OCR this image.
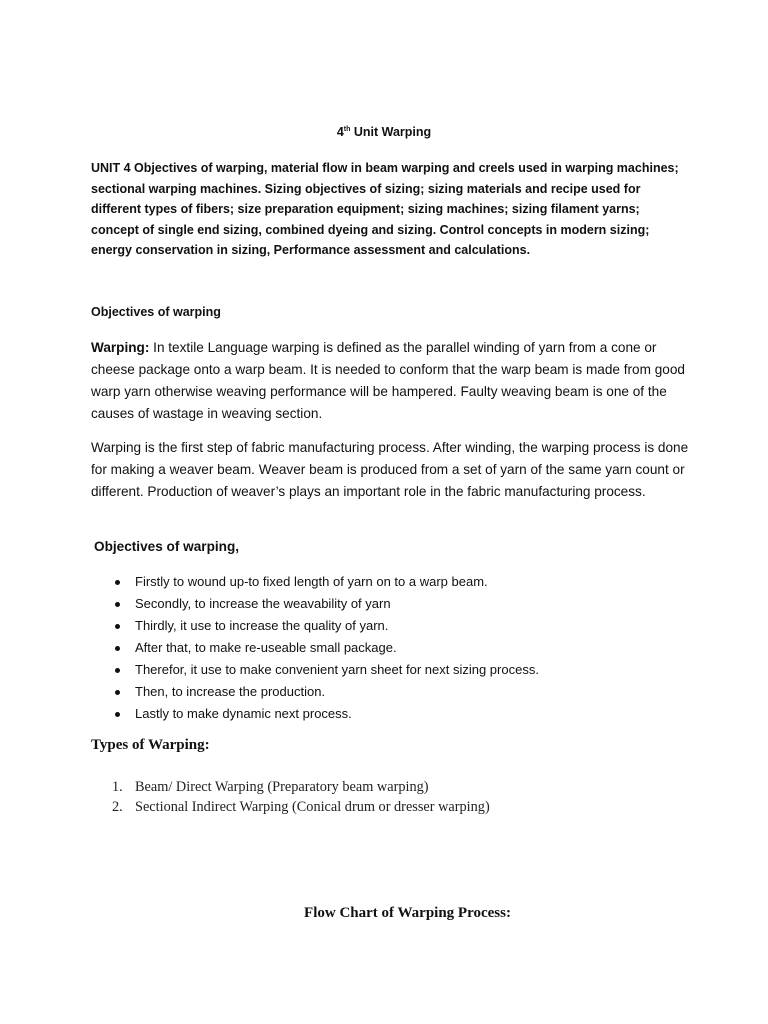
4th Unit Warping
UNIT 4 Objectives of warping, material flow in beam warping and creels used in warping machines; sectional warping machines. Sizing objectives of sizing; sizing materials and recipe used for different types of fibers; size preparation equipment; sizing machines; sizing filament yarns; concept of single end sizing, combined dyeing and sizing. Control concepts in modern sizing; energy conservation in sizing, Performance assessment and calculations.
Objectives of warping
Warping: In textile Language warping is defined as the parallel winding of yarn from a cone or cheese package onto a warp beam. It is needed to conform that the warp beam is made from good warp yarn otherwise weaving performance will be hampered. Faulty weaving beam is one of the causes of wastage in weaving section.
Warping is the first step of fabric manufacturing process. After winding, the warping process is done for making a weaver beam. Weaver beam is produced from a set of yarn of the same yarn count or different. Production of weaver’s plays an important role in the fabric manufacturing process.
Objectives of warping,
Firstly to wound up-to fixed length of yarn on to a warp beam.
Secondly, to increase the weavability of yarn
Thirdly, it use to increase the quality of yarn.
After that, to make re-useable small package.
Therefor, it use to make convenient yarn sheet for next sizing process.
Then, to increase the production.
Lastly to make dynamic next process.
Types of Warping:
1. Beam/ Direct Warping (Preparatory beam warping)
2. Sectional Indirect Warping (Conical drum or dresser warping)
Flow Chart of Warping Process:
